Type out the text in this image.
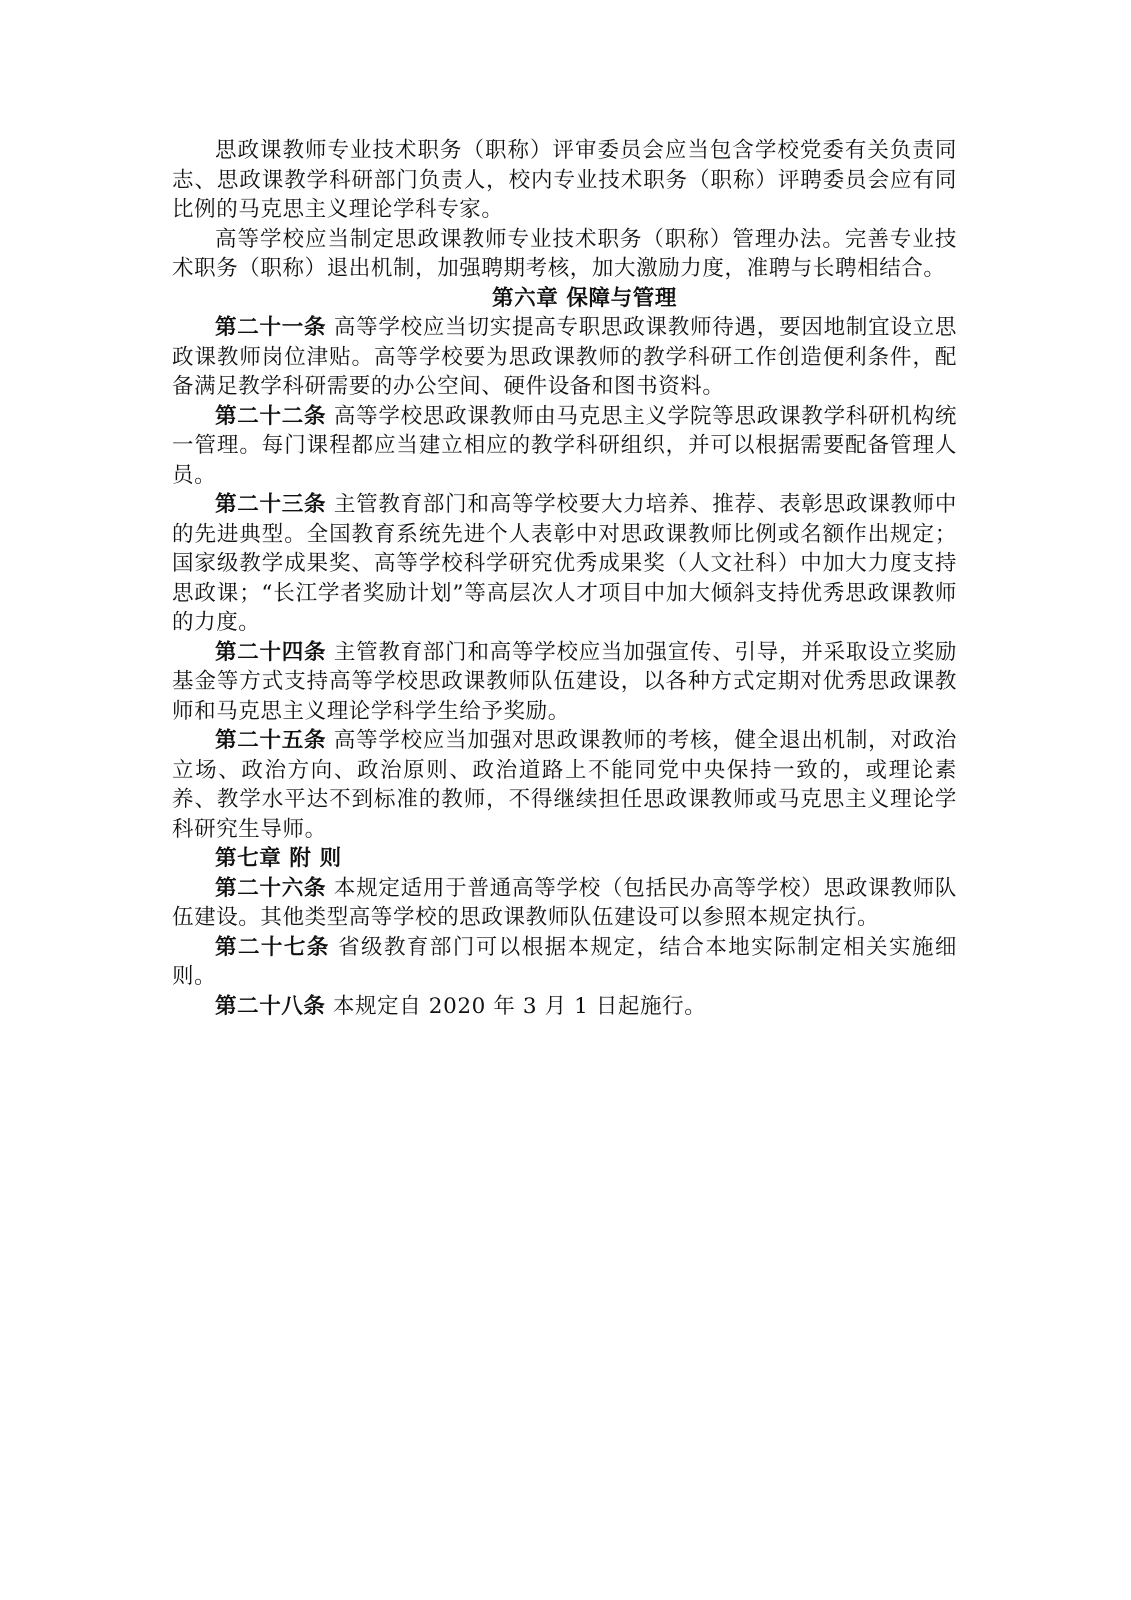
思政课教师专业技术职务（职称）评审委员会应当包含学校党委有关负责同志、思政课教学科研部门负责人，校内专业技术职务（职称）评聘委员会应有同比例的马克思主义理论学科专家。

高等学校应当制定思政课教师专业技术职务（职称）管理办法。完善专业技术职务（职称）退出机制，加强聘期考核，加大激励力度，准聘与长聘相结合。

第六章 保障与管理

第二十一条 高等学校应当切实提高专职思政课教师待遇，要因地制宜设立思政课教师岗位津贴。高等学校要为思政课教师的教学科研工作创造便利条件，配备满足教学科研需要的办公空间、硬件设备和图书资料。

第二十二条 高等学校思政课教师由马克思主义学院等思政课教学科研机构统一管理。每门课程都应当建立相应的教学科研组织，并可以根据需要配备管理人员。

第二十三条 主管教育部门和高等学校要大力培养、推荐、表彰思政课教师中的先进典型。全国教育系统先进个人表彰中对思政课教师比例或名额作出规定；国家级教学成果奖、高等学校科学研究优秀成果奖（人文社科）中加大力度支持思政课；“长江学者奖励计划”等高层次人才项目中加大倾斜支持优秀思政课教师的力度。

第二十四条 主管教育部门和高等学校应当加强宣传、引导，并采取设立奖励基金等方式支持高等学校思政课教师队伍建设，以各种方式定期对优秀思政课教师和马克思主义理论学科学生给予奖励。

第二十五条 高等学校应当加强对思政课教师的考核，健全退出机制，对政治立场、政治方向、政治原则、政治道路上不能同党中央保持一致的，或理论素养、教学水平达不到标准的教师，不得继续担任思政课教师或马克思主义理论学科研究生导师。

第七章 附 则

第二十六条 本规定适用于普通高等学校（包括民办高等学校）思政课教师队伍建设。其他类型高等学校的思政课教师队伍建设可以参照本规定执行。

第二十七条 省级教育部门可以根据本规定，结合本地实际制定相关实施细则。

第二十八条 本规定自 2020 年 3 月 1 日起施行。
